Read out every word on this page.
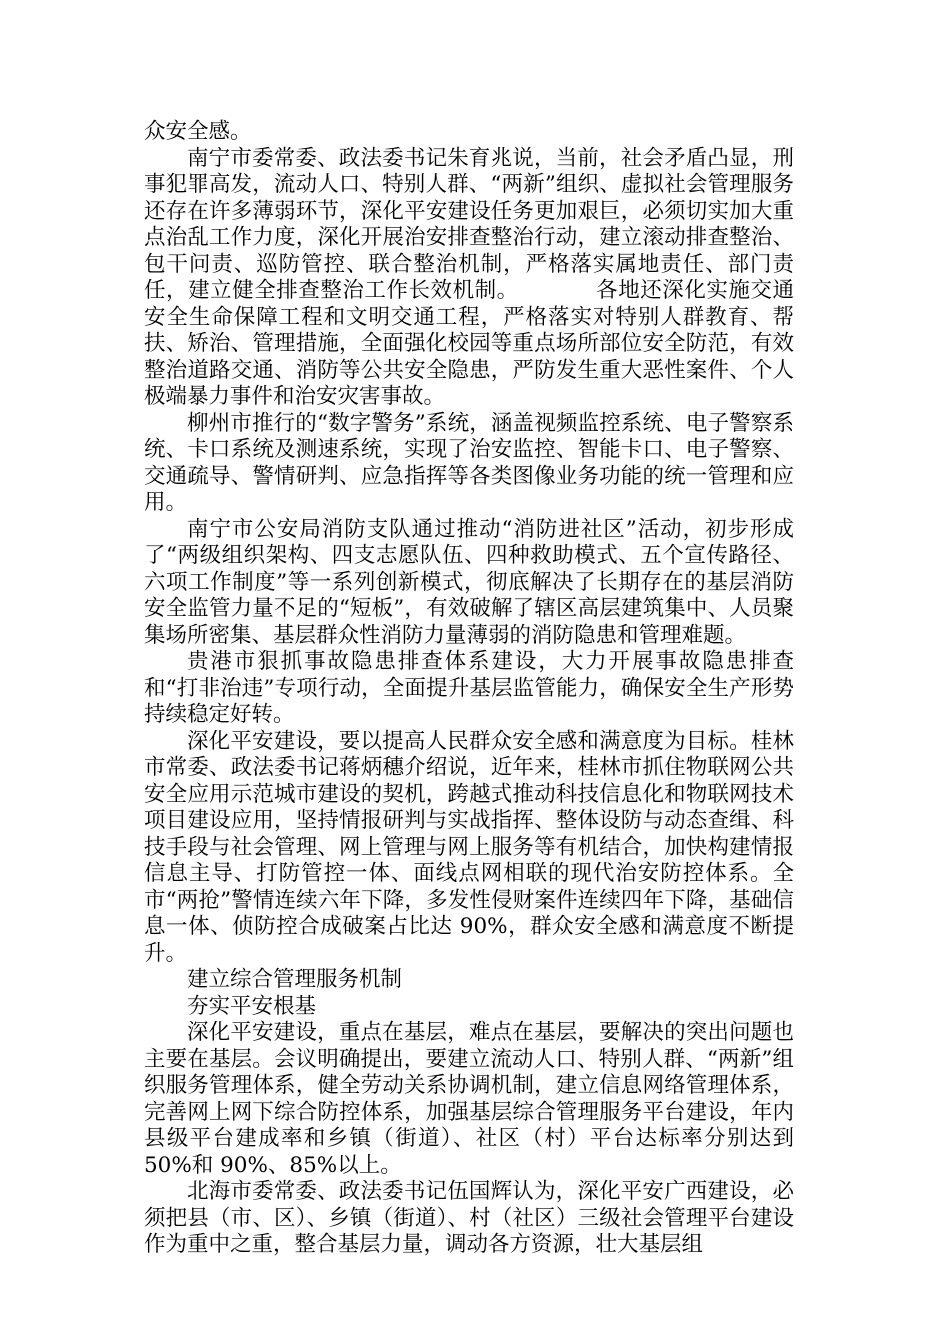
众安全感。

南宁市委常委、政法委书记朱育兆说，当前，社会矛盾凸显，刑事犯罪高发，流动人口、特别人群、“两新”组织、虚拟社会管理服务还存在许多薄弱环节，深化平安建设任务更加艰巨，必须切实加大重点治乱工作力度，深化开展治安排查整治行动，建立滚动排查整治、包干问责、巡防管控、联合整治机制，严格落实属地责任、部门责任，建立健全排查整治工作长效机制。　　　　各地还深化实施交通安全生命保障工程和文明交通工程，严格落实对特别人群教育、帮扶、矫治、管理措施，全面强化校园等重点场所部位安全防范，有效整治道路交通、消防等公共安全隐患，严防发生重大恶性案件、个人极端暴力事件和治安灾害事故。

柳州市推行的“数字警务”系统，涵盖视频监控系统、电子警察系统、卡口系统及测速系统，实现了治安监控、智能卡口、电子警察、交通疏导、警情研判、应急指挥等各类图像业务功能的统一管理和应用。

南宁市公安局消防支队通过推动“消防进社区”活动，初步形成了“两级组织架构、四支志愿队伍、四种救助模式、五个宣传路径、六项工作制度”等一系列创新模式，彻底解决了长期存在的基层消防安全监管力量不足的“短板”，有效破解了辖区高层建筑集中、人员聚集场所密集、基层群众性消防力量薄弱的消防隐患和管理难题。

贵港市狠抓事故隐患排查体系建设，大力开展事故隐患排查和“打非治违”专项行动，全面提升基层监管能力，确保安全生产形势持续稳定好转。

深化平安建设，要以提高人民群众安全感和满意度为目标。桂林市常委、政法委书记蒋炳穗介绍说，近年来，桂林市抓住物联网公共安全应用示范城市建设的契机，跨越式推动科技信息化和物联网技术项目建设应用，坚持情报研判与实战指挥、整体设防与动态查缉、科技手段与社会管理、网上管理与网上服务等有机结合，加快构建情报信息主导、打防管控一体、面线点网相联的现代治安防控体系。全市“两抢”警情连续六年下降，多发性侵财案件连续四年下降，基础信息一体、侦防控合成破案占比达 90%，群众安全感和满意度不断提升。

建立综合管理服务机制

夯实平安根基

深化平安建设，重点在基层，难点在基层，要解决的突出问题也主要在基层。会议明确提出，要建立流动人口、特别人群、“两新”组织服务管理体系，健全劳动关系协调机制，建立信息网络管理体系，完善网上网下综合防控体系，加强基层综合管理服务平台建设，年内县级平台建成率和乡镇（街道）、社区（村）平台达标率分别达到 50%和 90%、85%以上。

北海市委常委、政法委书记伍国辉认为，深化平安广西建设，必须把县（市、区）、乡镇（街道）、村（社区）三级社会管理平台建设作为重中之重，整合基层力量，调动各方资源，壮大基层组
